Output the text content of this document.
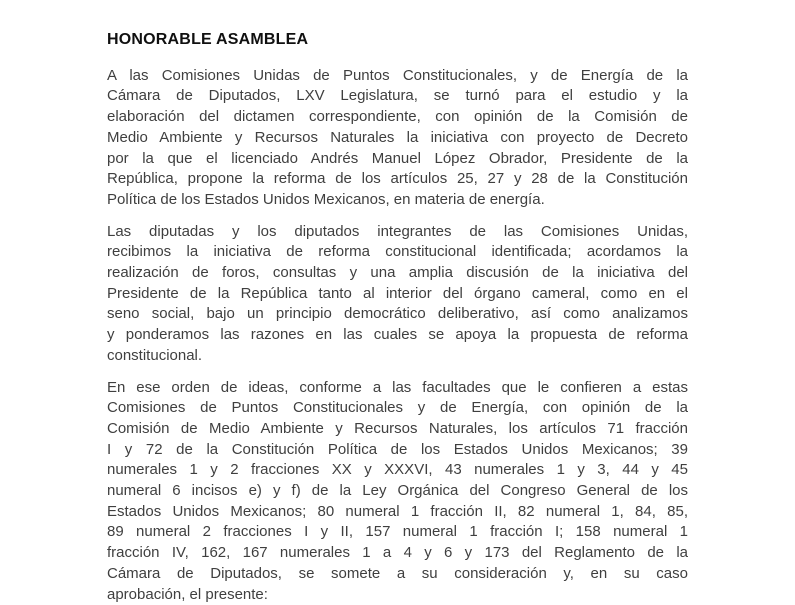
HONORABLE ASAMBLEA
A las Comisiones Unidas de Puntos Constitucionales, y de Energía de la
Cámara de Diputados, LXV Legislatura, se turnó para el estudio y la
elaboración del dictamen correspondiente, con opinión de la Comisión de
Medio Ambiente y Recursos Naturales la iniciativa con proyecto de Decreto
por la que el licenciado Andrés Manuel López Obrador, Presidente de la
República, propone la reforma de los artículos 25, 27 y 28 de la Constitución
Política de los Estados Unidos Mexicanos, en materia de energía.
Las diputadas y los diputados integrantes de las Comisiones Unidas,
recibimos la iniciativa de reforma constitucional identificada; acordamos la
realización de foros, consultas y una amplia discusión de la iniciativa del
Presidente de la República tanto al interior del órgano cameral, como en el
seno social, bajo un principio democrático deliberativo, así como analizamos
y ponderamos las razones en las cuales se apoya la propuesta de reforma
constitucional.
En ese orden de ideas, conforme a las facultades que le confieren a estas
Comisiones de Puntos Constitucionales y de Energía, con opinión de la
Comisión de Medio Ambiente y Recursos Naturales, los artículos 71 fracción
I y 72 de la Constitución Política de los Estados Unidos Mexicanos; 39
numerales 1 y 2 fracciones XX y XXXVI, 43 numerales 1 y 3, 44 y 45
numeral 6 incisos e) y f) de la Ley Orgánica del Congreso General de los
Estados Unidos Mexicanos; 80 numeral 1 fracción II, 82 numeral 1, 84, 85,
89 numeral 2 fracciones I y II, 157 numeral 1 fracción I; 158 numeral 1
fracción IV, 162, 167 numerales 1 a 4 y 6 y 173 del Reglamento de la
Cámara de Diputados, se somete a su consideración y, en su caso
aprobación, el presente:
